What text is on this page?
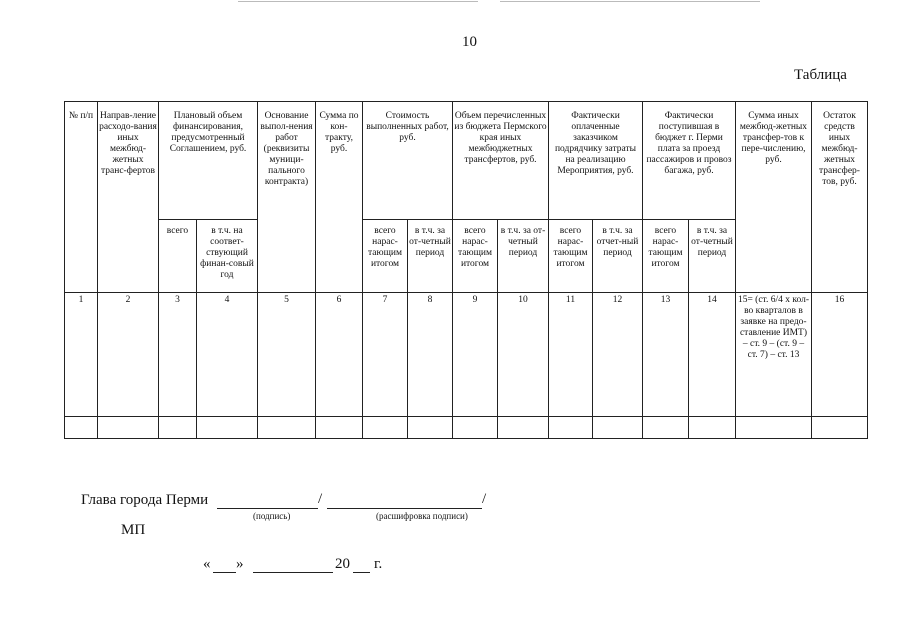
10
Таблица
№ п/п	Направ-ление расходо-вания иных межбюд-жетных транс-фертов	Плановый объем финансирования, предусмотренный Соглашением, руб.		Основание выпол-нения работ (реквизиты муници-пального контракта)	Сумма по кон-тракту, руб.	Стоимость выполненных работ, руб.		Объем перечисленных из бюджета Пермского края иных межбюджетных трансфертов, руб.		Фактически оплаченные заказчиком подрядчику затраты на реализацию Мероприятия, руб.		Фактически поступившая в бюджет г. Перми плата за проезд пассажиров и провоз багажа, руб.		Сумма иных межбюд-жетных трансфер-тов к пере-числению, руб.	Остаток средств иных межбюд-жетных трансфер-тов, руб.
		всего	в т.ч. на соответ-ствующий финан-совый год			всего нарас-тающим итогом	в т.ч. за от-четный период	всего нарас-тающим итогом	в т.ч. за от-четный период	всего нарас-тающим итогом	в т.ч. за отчет-ный период	всего нарас-тающим итогом	в т.ч. за от-четный период		
1	2	3	4	5	6	7	8	9	10	11	12	13	14	15= (ст. 6/4 х кол-во кварталов в заявке на предо-ставление ИМТ) – ст. 9 – (ст. 9 – ст. 7) – ст. 13	16

Глава города Перми	/	/
(подпись)	(расшифровка подписи)
МП
« »	20 г.
